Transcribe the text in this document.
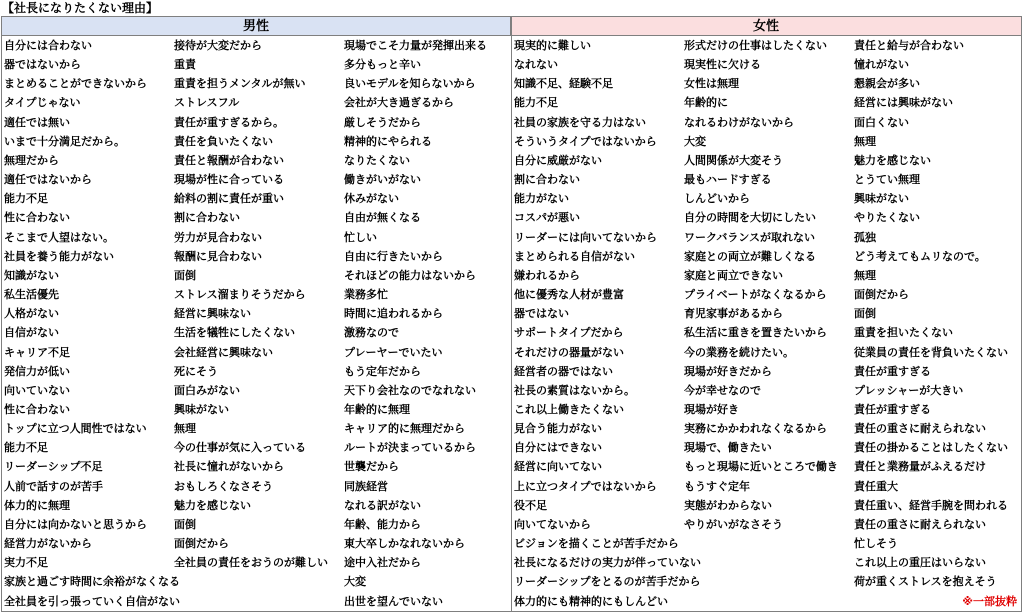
【社長になりたくない理由】
男性	女性
自分には合わない
器ではないから
まとめることができないから
タイプじゃない
適任では無い
いまで十分満足だから。
無理だから
適任ではないから
能力不足
性に合わない
そこまで人望はない。
社員を養う能力がない
知識がない
私生活優先
人格がない
自信がない
キャリア不足
発信力が低い
向いていない
性に合わない
トップに立つ人間性ではない
能力不足
リーダーシップ不足
人前で話すのが苦手
体力的に無理
自分には向かないと思うから
経営力がないから
実力不足
家族と過ごす時間に余裕がなくなる
全社員を引っ張っていく自信がない
接待が大変だから
重責
重責を担うメンタルが無い
ストレスフル
責任が重すぎるから。
責任を負いたくない
責任と報酬が合わない
現場が性に合っている
給料の割に責任が重い
割に合わない
労力が見合わない
報酬に見合わない
面倒
ストレス溜まりそうだから
経営に興味ない
生活を犠牲にしたくない
会社経営に興味ない
死にそう
面白みがない
興味がない
無理
今の仕事が気に入っている
社長に憧れがないから
おもしろくなさそう
魅力を感じない
面倒
面倒だから
全社員の責任をおうのが難しい
現場でこそ力量が発揮出来る
多分もっと辛い
良いモデルを知らないから
会社が大き過ぎるから
厳しそうだから
精神的にやられる
なりたくない
働きがいがない
休みがない
自由が無くなる
忙しい
自由に行きたいから
それほどの能力はないから
業務多忙
時間に追われるから
激務なので
プレーヤーでいたい
もう定年だから
天下り会社なのでなれない
年齢的に無理
キャリア的に無理だから
ルートが決まっているから
世襲だから
同族経営
なれる訳がない
年齢、能力から
東大卒しかなれないから
途中入社だから
大変
出世を望んでいない
現実的に難しい
なれない
知識不足、経験不足
能力不足
社員の家族を守る力はない
そういうタイプではないから
自分に威厳がない
割に合わない
能力がない
コスパが悪い
リーダーには向いてないから
まとめられる自信がない
嫌われるから
他に優秀な人材が豊富
器ではない
サポートタイプだから
それだけの器量がない
経営者の器ではない
社長の素質はないから。
これ以上働きたくない
見合う能力がない
自分にはできない
経営に向いてない
上に立つタイプではないから
役不足
向いてないから
ビジョンを描くことが苦手だから
社長になるだけの実力が伴っていない
リーダーシップをとるのが苦手だから
体力的にも精神的にもしんどい
形式だけの仕事はしたくない
現実性に欠ける
女性は無理
年齢的に
なれるわけがないから
大変
人間関係が大変そう
最もハードすぎる
しんどいから
自分の時間を大切にしたい
ワークバランスが取れない
家庭との両立が難しくなる
家庭と両立できない
プライベートがなくなるから
育児家事があるから
私生活に重きを置きたいから
今の業務を続けたい。
現場が好きだから
今が幸せなので
現場が好き
実務にかかわれなくなるから
現場で、働きたい
もっと現場に近いところで働き
もうすぐ定年
実態がわからない
やりがいがなさそう
責任と給与が合わない
憧れがない
懇親会が多い
経営には興味がない
面白くない
無理
魅力を感じない
とうてい無理
興味がない
やりたくない
孤独
どう考えてもムリなので。
無理
面倒だから
面倒
重責を担いたくない
従業員の責任を背負いたくない
責任が重すぎる
プレッシャーが大きい
責任が重すぎる
責任の重さに耐えられない
責任の掛かることはしたくない
責任と業務量がふえるだけ
責任重大
責任重い、経営手腕を問われる
責任の重さに耐えられない
忙しそう
これ以上の重圧はいらない
荷が重くストレスを抱えそう
※一部抜粋
